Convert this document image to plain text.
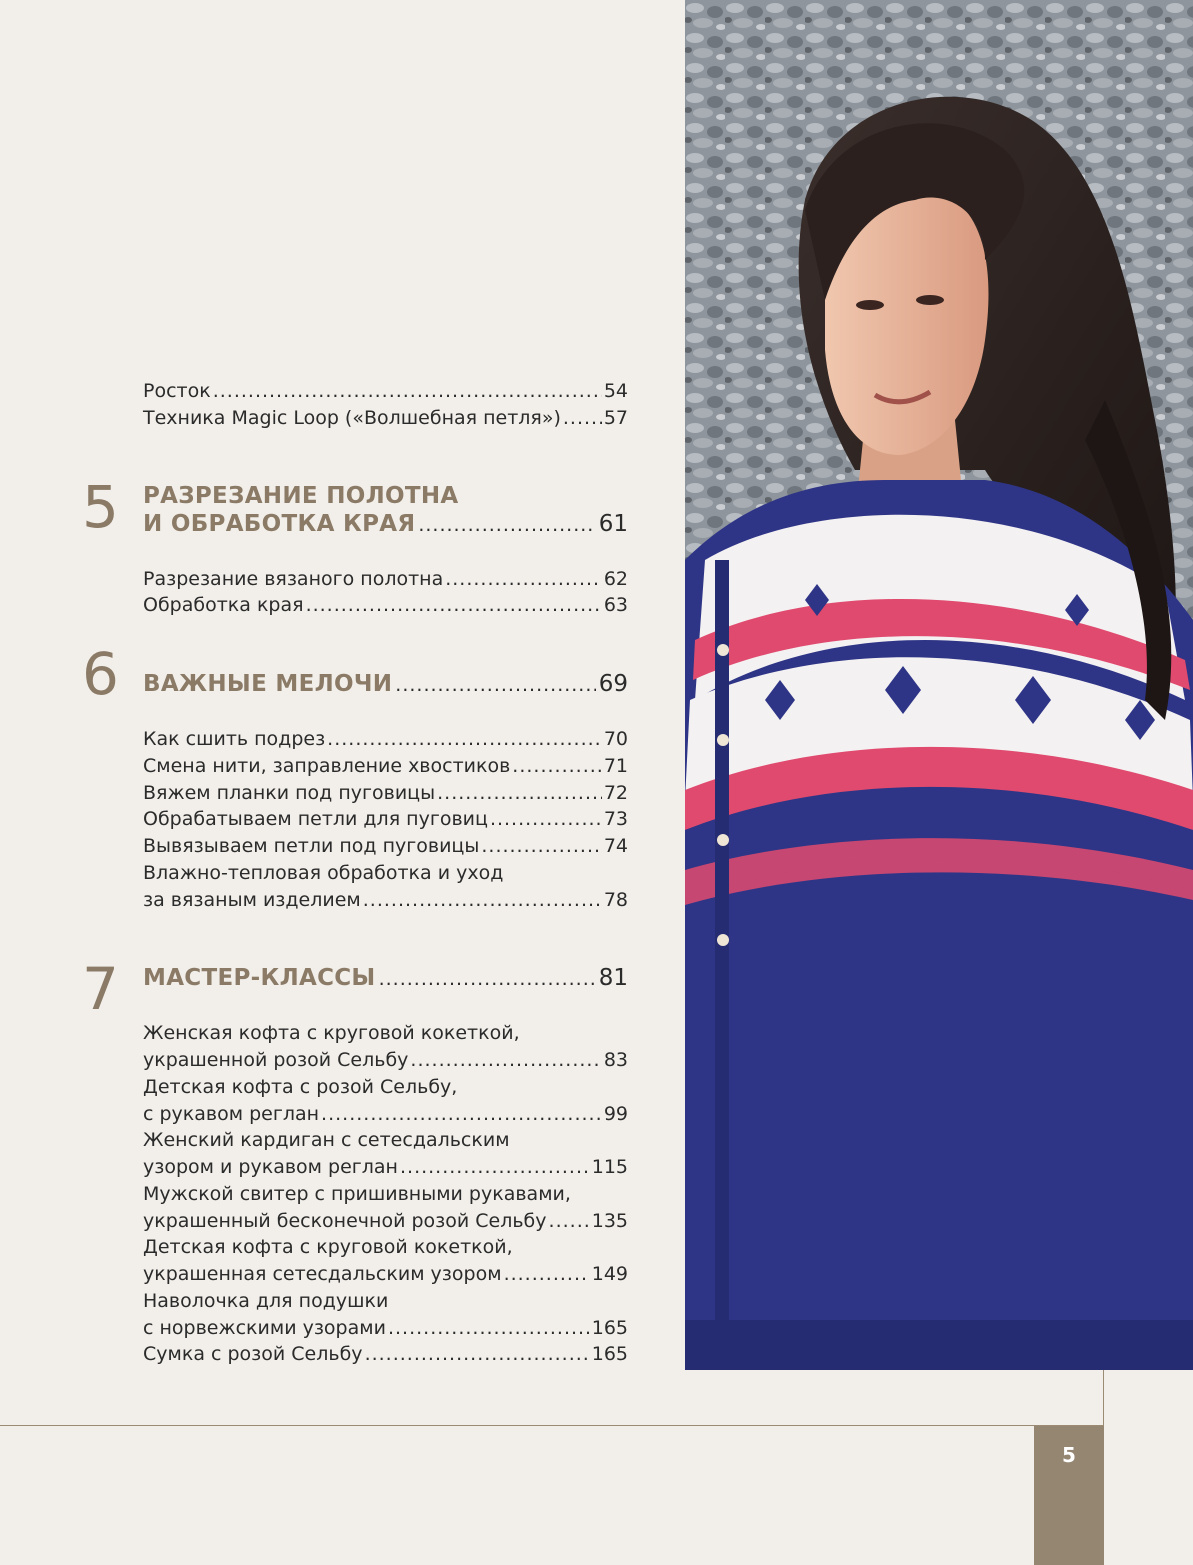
Росток .....	54
Техника Magic Loop («Волшебная петля») ..... 57
5 РАЗРЕЗАНИЕ ПОЛОТНА
И ОБРАБОТКА КРАЯ .....	61
Разрезание вязаного полотна .....	62
Обработка края .....	63
6 ВАЖНЫЕ МЕЛОЧИ .....	69
Как сшить подрез .....	70
Смена нити, заправление хвостиков .....	71
Вяжем планки под пуговицы .....	72
Обрабатываем петли для пуговиц .....	73
Вывязываем петли под пуговицы .....	74
Влажно-тепловая обработка и уход
за вязаным изделием .....	78
7 МАСТЕР-КЛАССЫ .....	81
Женская кофта с круговой кокеткой,
украшенной розой Сельбу .....	83
Детская кофта с розой Сельбу,
с рукавом реглан .....	99
Женский кардиган с сетесдальским
узором и рукавом реглан .....	115
Мужской свитер с пришивными рукавами,
украшенный бесконечной розой Сельбу ..... 135
Детская кофта с круговой кокеткой,
украшенная сетесдальским узором .....	149
Наволочка для подушки
с норвежскими узорами .....	165
Сумка с розой Сельбу .....	165
5
